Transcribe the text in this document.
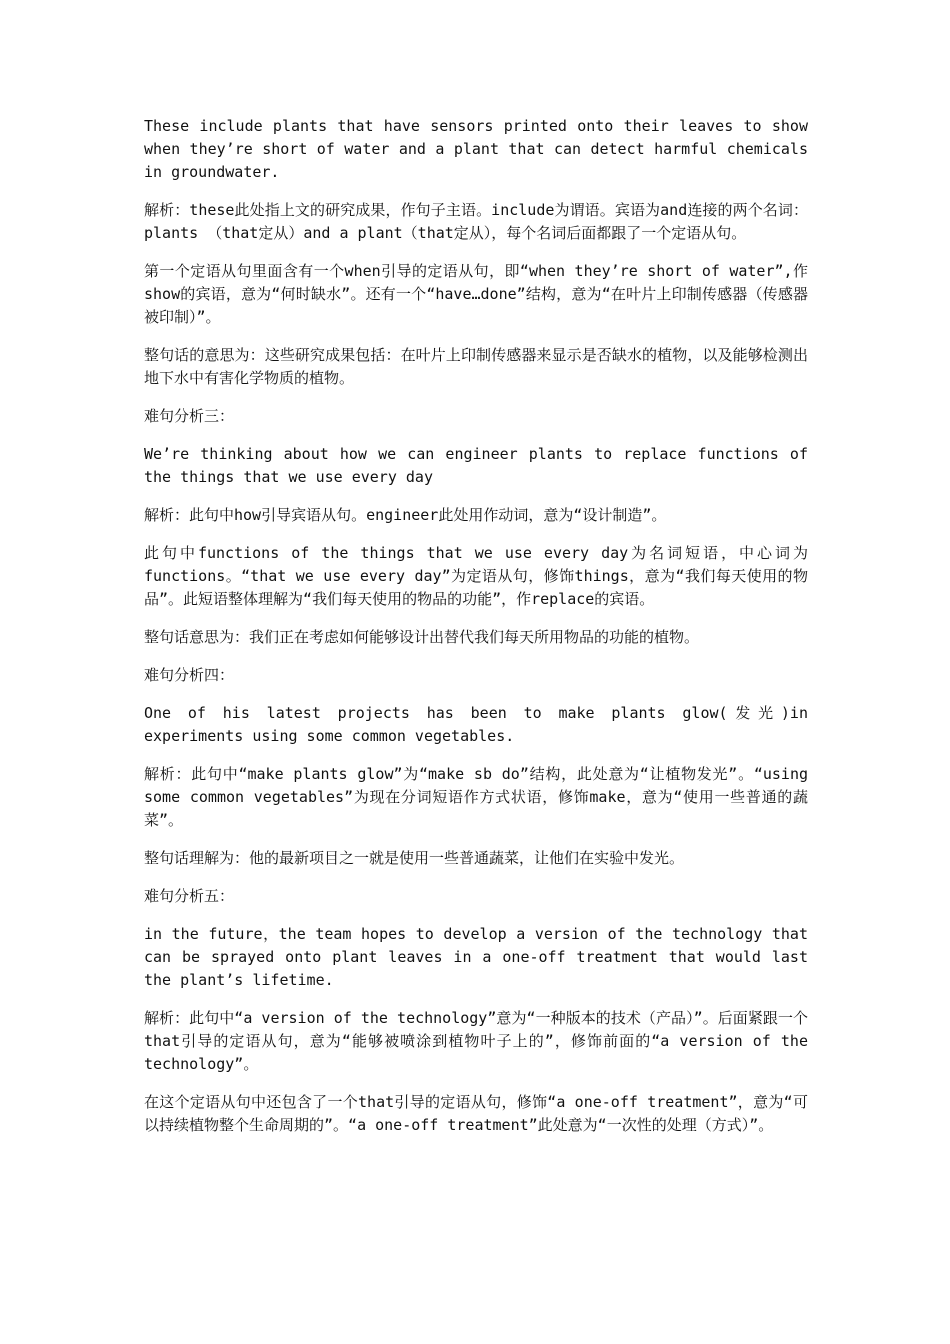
These include plants that have sensors printed onto their leaves to show when they’re short of water and a plant that can detect harmful chemicals in groundwater.

解析：these此处指上文的研究成果，作句子主语。include为谓语。宾语为and连接的两个名词：plants （that定从）and a plant（that定从），每个名词后面都跟了一个定语从句。

第一个定语从句里面含有一个when引导的定语从句，即“when they’re short of water”,作show的宾语，意为“何时缺水”。还有一个“have…done”结构，意为“在叶片上印制传感器（传感器被印制）”。

整句话的意思为：这些研究成果包括：在叶片上印制传感器来显示是否缺水的植物，以及能够检测出地下水中有害化学物质的植物。

难句分析三：

We’re thinking about how we can engineer plants to replace functions of the things that we use every day

解析：此句中how引导宾语从句。engineer此处用作动词，意为“设计制造”。

此句中functions of the things that we use every day为名词短语，中心词为functions。“that we use every day”为定语从句，修饰things，意为“我们每天使用的物品”。此短语整体理解为“我们每天使用的物品的功能”，作replace的宾语。

整句话意思为：我们正在考虑如何能够设计出替代我们每天所用物品的功能的植物。

难句分析四：

One of his latest projects has been to make plants glow(发光)in experiments using some common vegetables.

解析：此句中“make plants glow”为“make sb do”结构，此处意为“让植物发光”。“using some common vegetables”为现在分词短语作方式状语，修饰make，意为“使用一些普通的蔬菜”。

整句话理解为：他的最新项目之一就是使用一些普通蔬菜，让他们在实验中发光。

难句分析五：

in the future，the team hopes to develop a version of the technology that can be sprayed onto plant leaves in a one-off treatment that would last the plant’s lifetime.

解析：此句中“a version of the technology”意为“一种版本的技术（产品）”。后面紧跟一个that引导的定语从句，意为“能够被喷涂到植物叶子上的”，修饰前面的“a version of the technology”。

在这个定语从句中还包含了一个that引导的定语从句，修饰“a one-off treatment”，意为“可以持续植物整个生命周期的”。“a one-off treatment”此处意为“一次性的处理（方式）”。
